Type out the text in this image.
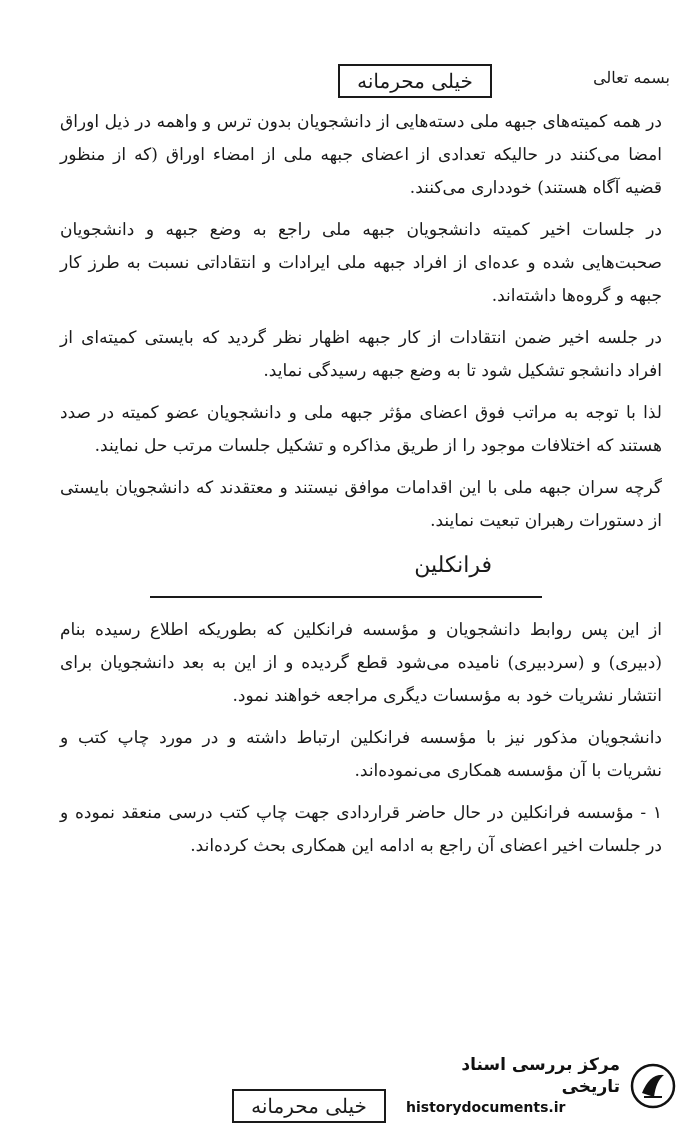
بسمه تعالی
خیلی محرمانه

در همه کمیته‌های جبهه ملی دسته‌هایی از دانشجویان بدون ترس و واهمه در ذیل اوراق امضا می‌کنند در حالیکه تعدادی از اعضای جبهه ملی از امضاء اوراق (که از منظور قضیه آگاه هستند) خودداری می‌کنند.

در جلسات اخیر کمیته دانشجویان جبهه ملی راجع به وضع جبهه و دانشجویان صحبت‌هایی شده و عده‌ای از افراد جبهه ملی ایرادات و انتقاداتی نسبت به طرز کار جبهه و گروه‌ها داشته‌اند.

در جلسه اخیر ضمن انتقادات از کار جبهه اظهار نظر گردید که بایستی کمیته‌ای از افراد دانشجو تشکیل شود تا به وضع جبهه رسیدگی نماید.

لذا با توجه به مراتب فوق اعضای مؤثر جبهه ملی و دانشجویان عضو کمیته در صدد هستند که اختلافات موجود را از طریق مذاکره و تشکیل جلسات مرتب حل نمایند.

گرچه سران جبهه ملی با این اقدامات موافق نیستند و معتقدند که دانشجویان بایستی از دستورات رهبران تبعیت نمایند.

فرانکلین

از این پس روابط دانشجویان و مؤسسه فرانکلین که بطوریکه اطلاع رسیده بنام (دبیری) و (سردبیری) نامیده می‌شود قطع گردیده و از این به بعد دانشجویان برای انتشار نشریات خود به مؤسسات دیگری مراجعه خواهند نمود.

دانشجویان مذکور نیز با مؤسسه فرانکلین ارتباط داشته و در مورد چاپ کتب و نشریات با آن مؤسسه همکاری می‌نموده‌اند.

۱ - مؤسسه فرانکلین در حال حاضر قراردادی جهت چاپ کتب درسی منعقد نموده و در جلسات اخیر اعضای آن راجع به ادامه این همکاری بحث کرده‌اند.

خیلی محرمانه
مرکز بررسی اسناد تاریخی
historydocuments.ir
